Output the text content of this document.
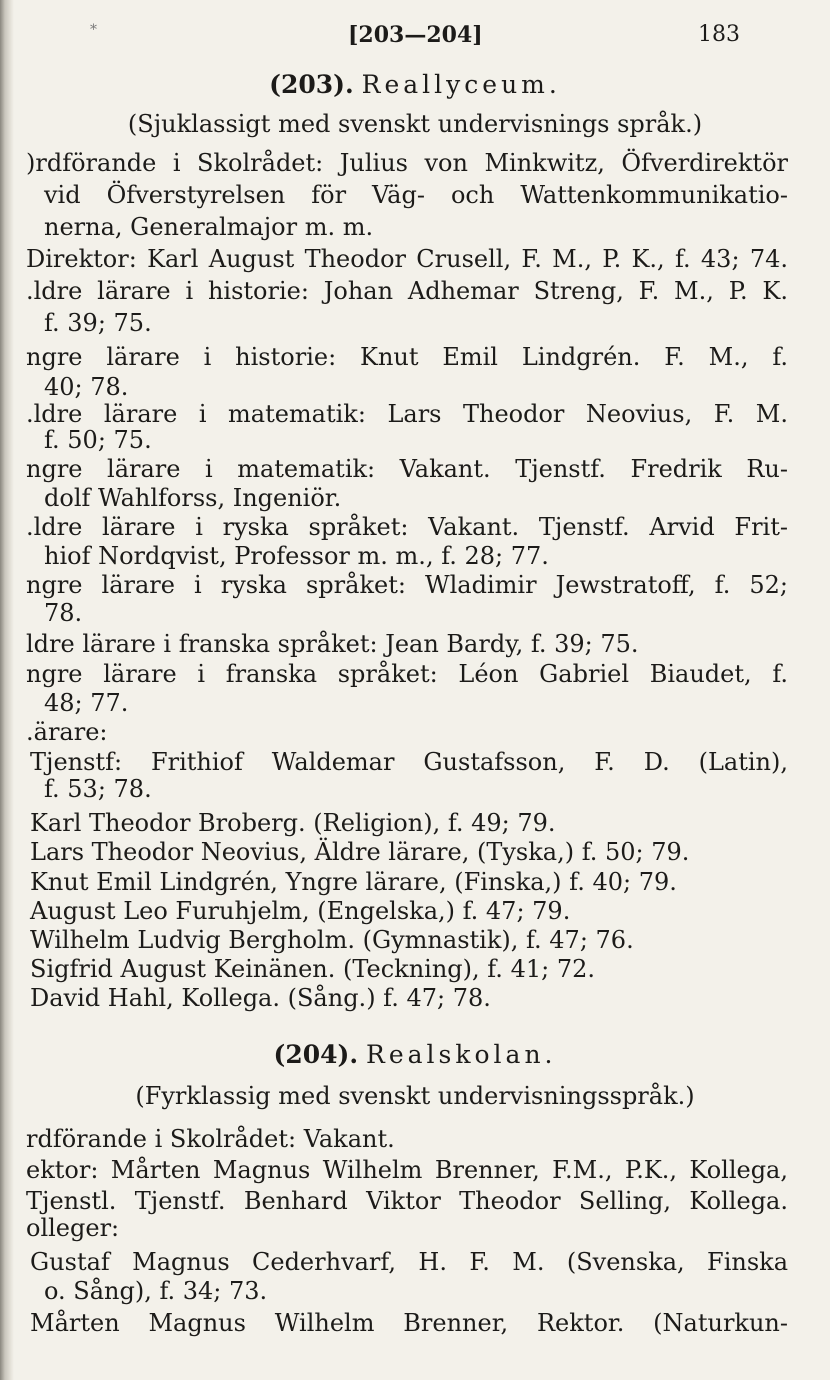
*	[203—204]	183
(203). Reallyceum.
(Sjuklassigt med svenskt undervisnings språk.)
)rdförande i Skolrådet: Julius von Minkwitz, Öfverdirektör
vid Öfverstyrelsen för Väg- och Wattenkommunikatio-
nerna, Generalmajor m. m.
Direktor: Karl August Theodor Crusell, F. M., P. K., f. 43; 74.
.ldre lärare i historie: Johan Adhemar Streng, F. M., P. K.
f. 39; 75.
ngre lärare i historie: Knut Emil Lindgrén. F. M., f.
40; 78.
.ldre lärare i matematik: Lars Theodor Neovius, F. M.
f. 50; 75.
ngre lärare i matematik: Vakant. Tjenstf. Fredrik Ru-
dolf Wahlforss, Ingeniör.
.ldre lärare i ryska språket: Vakant. Tjenstf. Arvid Frit-
hiof Nordqvist, Professor m. m., f. 28; 77.
ngre lärare i ryska språket: Wladimir Jewstratoff, f. 52;
78.
ldre lärare i franska språket: Jean Bardy, f. 39; 75.
ngre lärare i franska språket: Léon Gabriel Biaudet, f.
48; 77.
.ärare:
Tjenstf: Frithiof Waldemar Gustafsson, F. D. (Latin),
f. 53; 78.
Karl Theodor Broberg. (Religion), f. 49; 79.
Lars Theodor Neovius, Äldre lärare, (Tyska,) f. 50; 79.
Knut Emil Lindgrén, Yngre lärare, (Finska,) f. 40; 79.
August Leo Furuhjelm, (Engelska,) f. 47; 79.
Wilhelm Ludvig Bergholm. (Gymnastik), f. 47; 76.
Sigfrid August Keinänen. (Teckning), f. 41; 72.
David Hahl, Kollega. (Sång.) f. 47; 78.
(204). Realskolan.
(Fyrklassig med svenskt undervisningsspråk.)
rdförande i Skolrådet: Vakant.
ektor: Mårten Magnus Wilhelm Brenner, F.M., P.K., Kollega,
Tjenstl. Tjenstf. Benhard Viktor Theodor Selling, Kollega.
olleger:
Gustaf Magnus Cederhvarf, H. F. M. (Svenska, Finska
o. Sång), f. 34; 73.
Mårten Magnus Wilhelm Brenner, Rektor. (Naturkun-
